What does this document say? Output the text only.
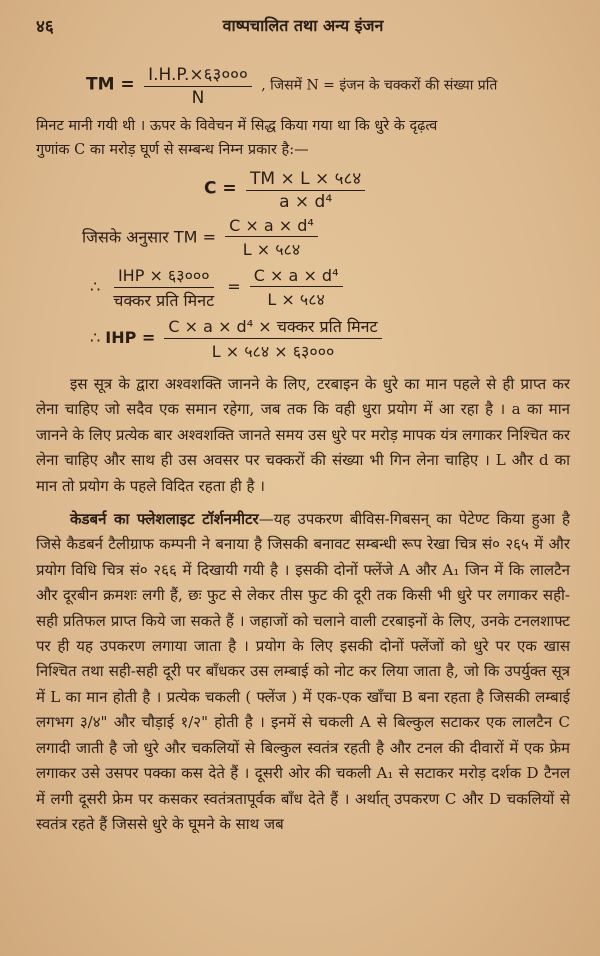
४६	वाष्पचालित तथा अन्य इंजन
TM = $\frac{I.H.P.\times ६३०००}{N}$ , जिसमें N = इंजन के चक्करों की संख्या प्रति
मिनट मानी गयी थी । ऊपर के विवेचन में सिद्ध किया गया था कि धुरे के दृढ़त्व
गुणांक C का मरोड़ घूर्ण से सम्बन्ध निम्न प्रकार है:—
$C = \frac{TM \times L \times ५८४}{\text{a × d⁴}}$
जिसके अनुसार TM = $\frac{\text{C × a × d⁴}}{L \times ५८४}$
∴ $\frac{\text{IHP × ६३०००}}{\text{चक्कर प्रति मिनट}} = \frac{\text{C × a × d⁴}}{L \times ५८४}$
∴ IHP = $\frac{\text{C × a × d⁴ × चक्कर प्रति मिनट}}{L \times ५८४ \times ६३०००}$

इस सूत्र के द्वारा अश्वशक्ति जानने के लिए, टरबाइन के धुरे का मान पहले से ही प्राप्त कर लेना चाहिए जो सदैव एक समान रहेगा, जब तक कि वही धुरा प्रयोग में आ रहा है । a का मान जानने के लिए प्रत्येक बार अश्वशक्ति जानते समय उस धुरे पर मरोड़ मापक यंत्र लगाकर निश्चित कर लेना चाहिए और साथ ही उस अवसर पर चक्करों की संख्या भी गिन लेना चाहिए । L और d का मान तो प्रयोग के पहले विदित रहता ही है ।

केडबर्न का फ्लेशलाइट टॉर्शनमीटर—यह उपकरण बीविस-गिबसन् का पेटेण्ट किया हुआ है जिसे कैडबर्न टैलीग्राफ कम्पनी ने बनाया है जिसकी बनावट सम्बन्धी रूप रेखा चित्र सं० २६५ में और प्रयोग विधि चित्र सं० २६६ में दिखायी गयी है । इसकी दोनों फ्लेंजे A और A₁ जिन में कि लालटैन और दूरबीन क्रमशः लगी हैं, छः फुट से लेकर तीस फुट की दूरी तक किसी भी धुरे पर लगाकर सही-सही प्रतिफल प्राप्त किये जा सकते हैं । जहाजों को चलाने वाली टरबाइनों के लिए, उनके टनलशाफ्ट पर ही यह उपकरण लगाया जाता है । प्रयोग के लिए इसकी दोनों फ्लेंजों को धुरे पर एक खास निश्चित तथा सही-सही दूरी पर बाँधकर उस लम्बाई को नोट कर लिया जाता है, जो कि उपर्युक्त सूत्र में L का मान होती है । प्रत्येक चकली ( फ्लेंज ) में एक-एक खाँचा B बना रहता है जिसकी लम्बाई लगभग ३/४" और चौड़ाई १/२" होती है । इनमें से चकली A से बिल्कुल सटाकर एक लालटैन C लगादी जाती है जो धुरे और चकलियों से बिल्कुल स्वतंत्र रहती है और टनल की दीवारों में एक फ्रेम लगाकर उसे उसपर पक्का कस देते हैं । दूसरी ओर की चकली A₁ से सटाकर मरोड़ दर्शक D टैनल में लगी दूसरी फ्रेम पर कसकर स्वतंत्रतापूर्वक बाँध देते हैं । अर्थात् उपकरण C और D चकलियों से स्वतंत्र रहते हैं जिससे धुरे के घूमने के साथ जब
